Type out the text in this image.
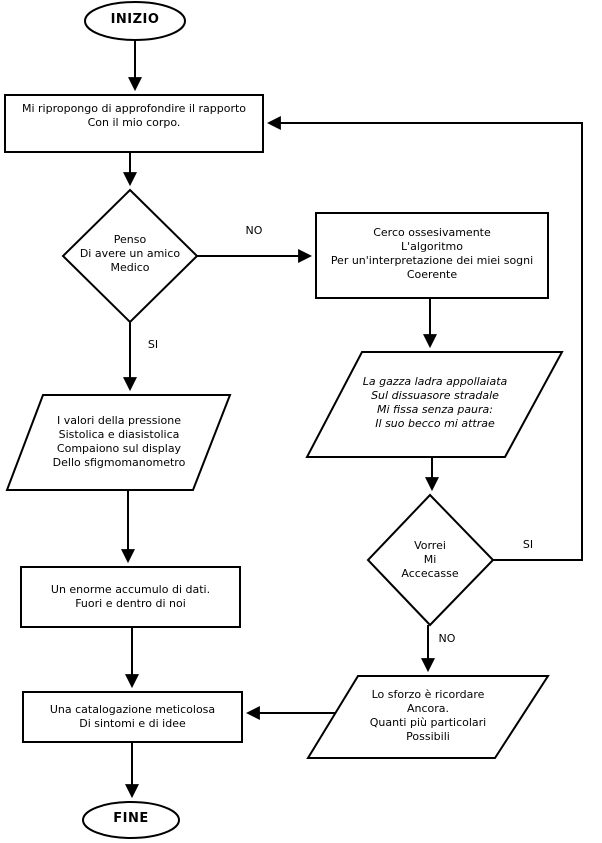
INIZIO
Mi ripropongo di approfondire il rapporto
Con il mio corpo.
Penso
Di avere un amico
Medico
Cerco ossesivamente
L'algoritmo
Per un'interpretazione dei miei sogni
Coerente
La gazza ladra appollaiata
Sul dissuasore stradale
Mi fissa senza paura:
Il suo becco mi attrae
Vorrei
Mi
Accecasse
Lo sforzo è ricordare
Ancora.
Quanti più particolari
Possibili
I valori della pressione
Sistolica e diasistolica
Compaiono sul display
Dello sfigmomanometro
Un enorme accumulo di dati.
Fuori e dentro di noi
Una catalogazione meticolosa
Di sintomi e di idee
FINE
NO
SI
SI
NO
